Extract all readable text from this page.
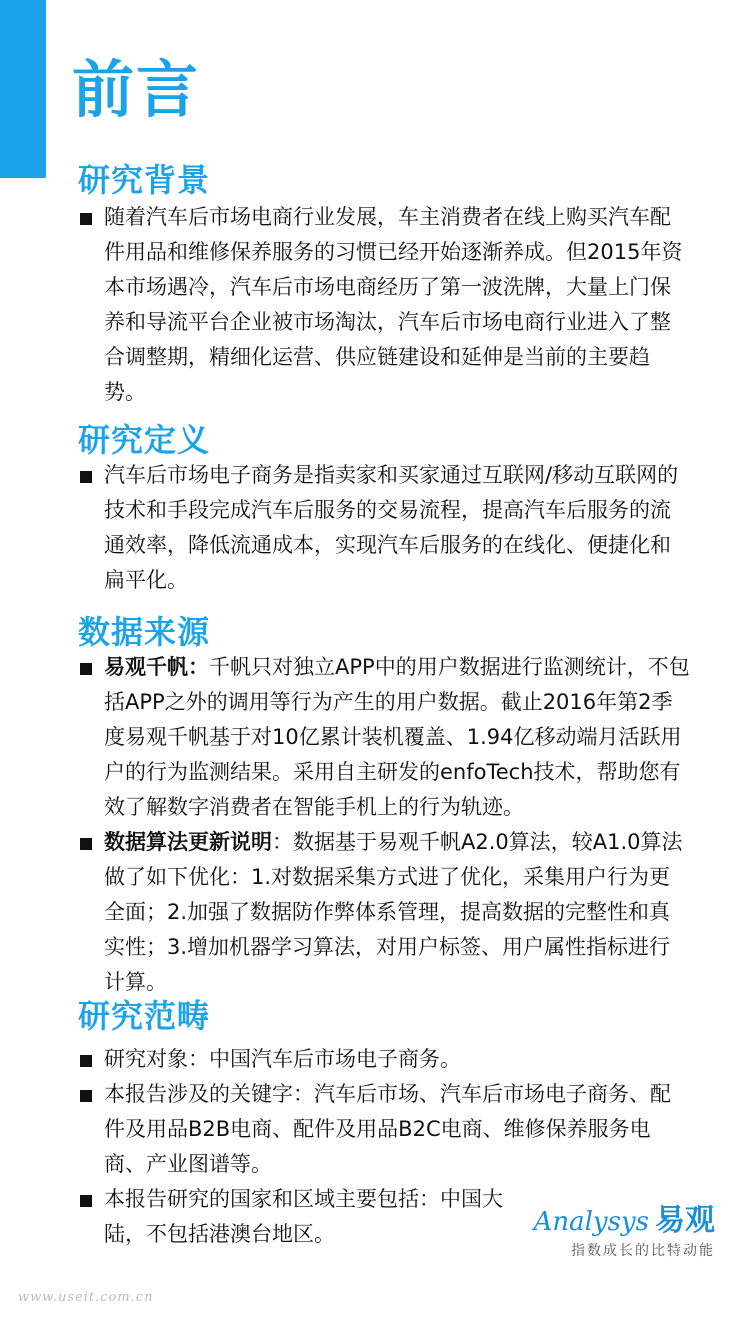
前言
研究背景
随着汽车后市场电商行业发展，车主消费者在线上购买汽车配件用品和维修保养服务的习惯已经开始逐渐养成。但2015年资本市场遇冷，汽车后市场电商经历了第一波洗牌，大量上门保养和导流平台企业被市场淘汰，汽车后市场电商行业进入了整合调整期，精细化运营、供应链建设和延伸是当前的主要趋势。
研究定义
汽车后市场电子商务是指卖家和买家通过互联网/移动互联网的技术和手段完成汽车后服务的交易流程，提高汽车后服务的流通效率，降低流通成本，实现汽车后服务的在线化、便捷化和扁平化。
数据来源
易观千帆：千帆只对独立APP中的用户数据进行监测统计，不包括APP之外的调用等行为产生的用户数据。截止2016年第2季度易观千帆基于对10亿累计装机覆盖、1.94亿移动端月活跃用户的行为监测结果。采用自主研发的enfoTech技术，帮助您有效了解数字消费者在智能手机上的行为轨迹。
数据算法更新说明：数据基于易观千帆A2.0算法，较A1.0算法做了如下优化：1.对数据采集方式进了优化，采集用户行为更全面；2.加强了数据防作弊体系管理，提高数据的完整性和真实性；3.增加机器学习算法，对用户标签、用户属性指标进行计算。
研究范畴
研究对象：中国汽车后市场电子商务。
本报告涉及的关键字：汽车后市场、汽车后市场电子商务、配件及用品B2B电商、配件及用品B2C电商、维修保养服务电商、产业图谱等。
本报告研究的国家和区域主要包括：中国大陆，不包括港澳台地区。	Analysys 易观
指数成长的比特动能
www.useit.com.cn
